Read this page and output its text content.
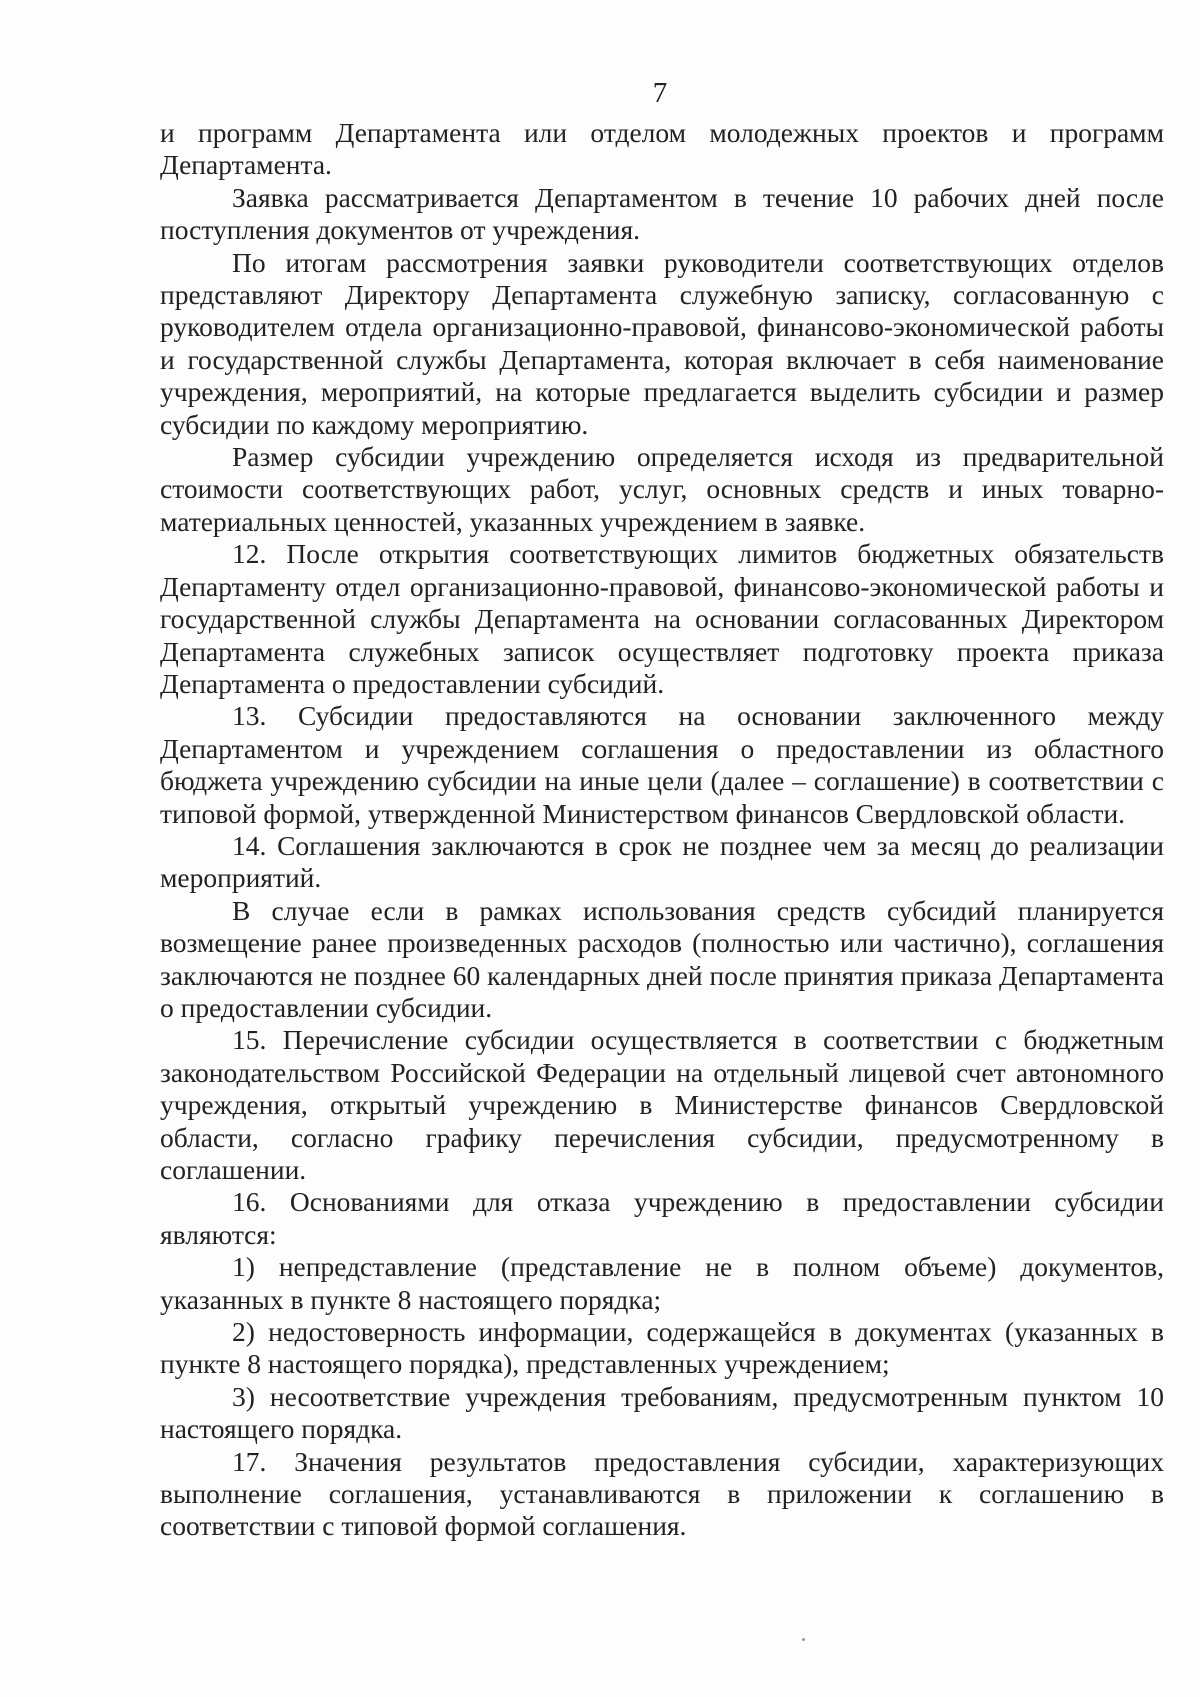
7

и программ Департамента или отделом молодежных проектов и программ Департамента.

Заявка рассматривается Департаментом в течение 10 рабочих дней после поступления документов от учреждения.

По итогам рассмотрения заявки руководители соответствующих отделов представляют Директору Департамента служебную записку, согласованную с руководителем отдела организационно-правовой, финансово-экономической работы и государственной службы Департамента, которая включает в себя наименование учреждения, мероприятий, на которые предлагается выделить субсидии и размер субсидии по каждому мероприятию.

Размер субсидии учреждению определяется исходя из предварительной стоимости соответствующих работ, услуг, основных средств и иных товарно-материальных ценностей, указанных учреждением в заявке.

12. После открытия соответствующих лимитов бюджетных обязательств Департаменту отдел организационно-правовой, финансово-экономической работы и государственной службы Департамента на основании согласованных Директором Департамента служебных записок осуществляет подготовку проекта приказа Департамента о предоставлении субсидий.

13. Субсидии предоставляются на основании заключенного между Департаментом и учреждением соглашения о предоставлении из областного бюджета учреждению субсидии на иные цели (далее – соглашение) в соответствии с типовой формой, утвержденной Министерством финансов Свердловской области.

14. Соглашения заключаются в срок не позднее чем за месяц до реализации мероприятий.

В случае если в рамках использования средств субсидий планируется возмещение ранее произведенных расходов (полностью или частично), соглашения заключаются не позднее 60 календарных дней после принятия приказа Департамента о предоставлении субсидии.

15. Перечисление субсидии осуществляется в соответствии с бюджетным законодательством Российской Федерации на отдельный лицевой счет автономного учреждения, открытый учреждению в Министерстве финансов Свердловской области, согласно графику перечисления субсидии, предусмотренному в соглашении.

16. Основаниями для отказа учреждению в предоставлении субсидии являются:

1) непредставление (представление не в полном объеме) документов, указанных в пункте 8 настоящего порядка;

2) недостоверность информации, содержащейся в документах (указанных в пункте 8 настоящего порядка), представленных учреждением;

3) несоответствие учреждения требованиям, предусмотренным пунктом 10 настоящего порядка.

17. Значения результатов предоставления субсидии, характеризующих выполнение соглашения, устанавливаются в приложении к соглашению в соответствии с типовой формой соглашения.
